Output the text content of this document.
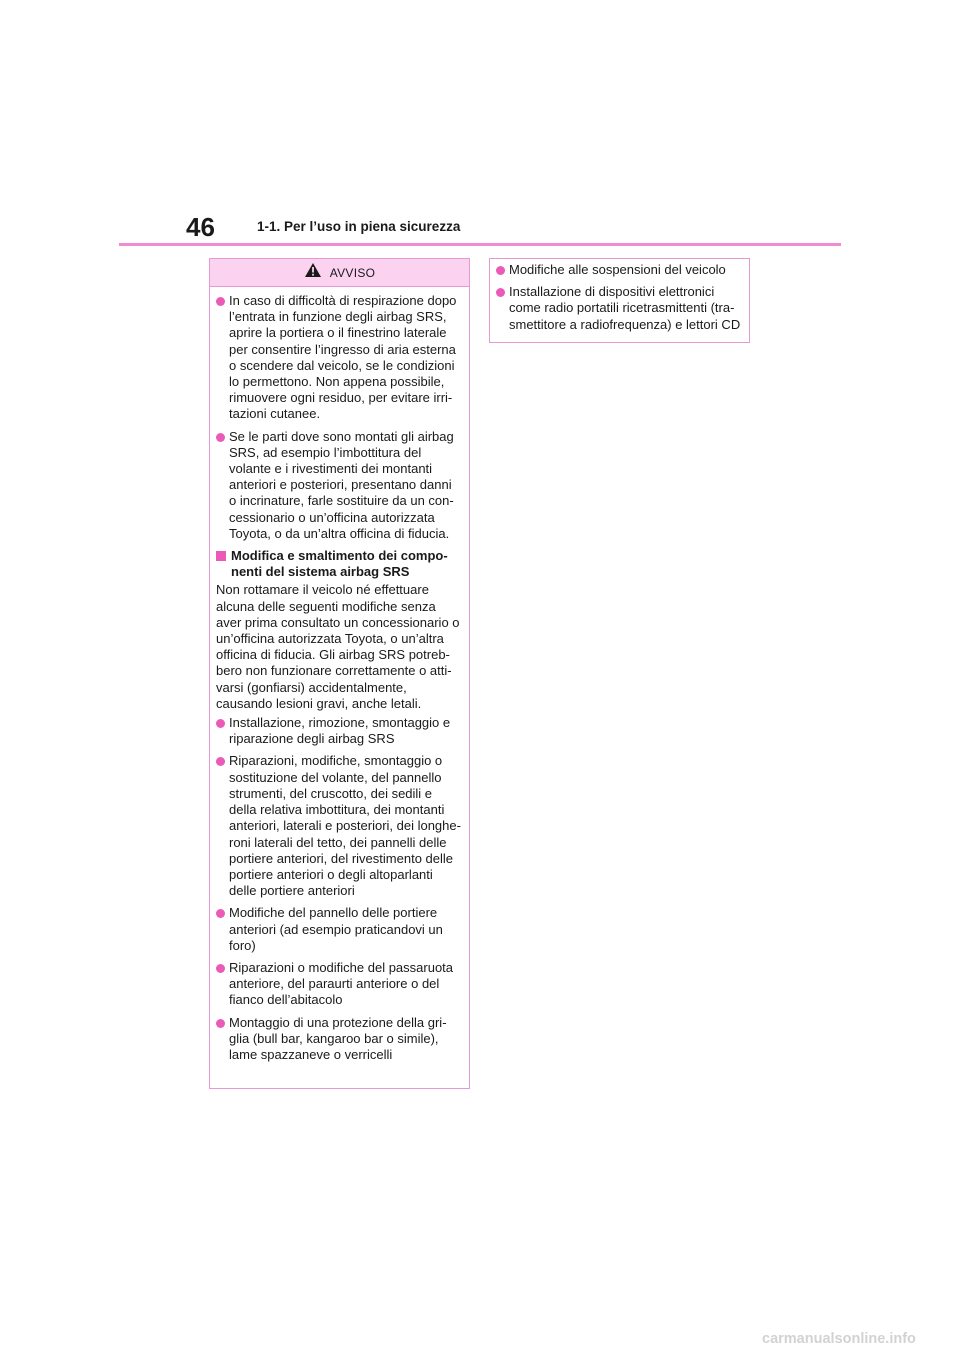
46	1-1. Per l’uso in piena sicurezza
AVVISO
In caso di difficoltà di respirazione dopo
l’entrata in funzione degli airbag SRS,
aprire la portiera o il finestrino laterale
per consentire l’ingresso di aria esterna
o scendere dal veicolo, se le condizioni
lo permettono. Non appena possibile,
rimuovere ogni residuo, per evitare irri-
tazioni cutanee.
Se le parti dove sono montati gli airbag
SRS, ad esempio l’imbottitura del
volante e i rivestimenti dei montanti
anteriori e posteriori, presentano danni
o incrinature, farle sostituire da un con-
cessionario o un’officina autorizzata
Toyota, o da un’altra officina di fiducia.
Modifica e smaltimento dei compo-
nenti del sistema airbag SRS
Non rottamare il veicolo né effettuare
alcuna delle seguenti modifiche senza
aver prima consultato un concessionario o
un’officina autorizzata Toyota, o un’altra
officina di fiducia. Gli airbag SRS potreb-
bero non funzionare correttamente o atti-
varsi (gonfiarsi) accidentalmente,
causando lesioni gravi, anche letali.
Installazione, rimozione, smontaggio e
riparazione degli airbag SRS
Riparazioni, modifiche, smontaggio o
sostituzione del volante, del pannello
strumenti, del cruscotto, dei sedili e
della relativa imbottitura, dei montanti
anteriori, laterali e posteriori, dei longhe-
roni laterali del tetto, dei pannelli delle
portiere anteriori, del rivestimento delle
portiere anteriori o degli altoparlanti
delle portiere anteriori
Modifiche del pannello delle portiere
anteriori (ad esempio praticandovi un
foro)
Riparazioni o modifiche del passaruota
anteriore, del paraurti anteriore o del
fianco dell’abitacolo
Montaggio di una protezione della gri-
glia (bull bar, kangaroo bar o simile),
lame spazzaneve o verricelli
Modifiche alle sospensioni del veicolo
Installazione di dispositivi elettronici
come radio portatili ricetrasmittenti (tra-
smettitore a radiofrequenza) e lettori CD
carmanualsonline.info
